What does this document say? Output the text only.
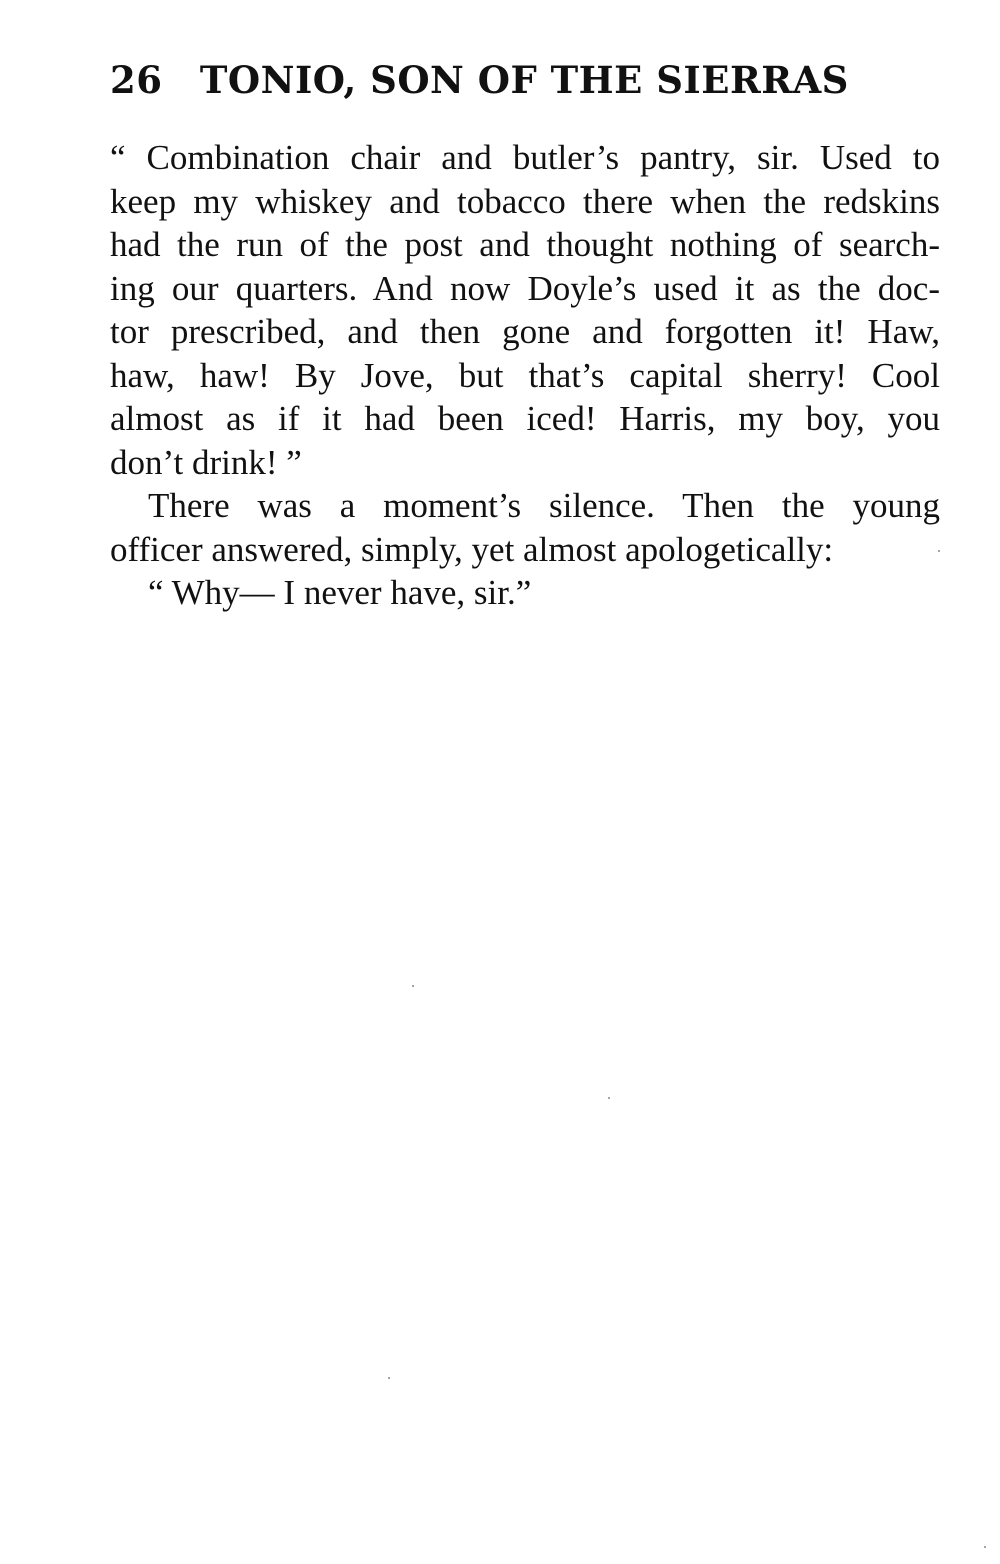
26 TONIO, SON OF THE SIERRAS
“ Combination chair and butler’s pantry, sir. Used to
keep my whiskey and tobacco there when the redskins
had the run of the post and thought nothing of search-
ing our quarters. And now Doyle’s used it as the doc-
tor prescribed, and then gone and forgotten it! Haw,
haw, haw! By Jove, but that’s capital sherry! Cool
almost as if it had been iced! Harris, my boy, you
don’t drink! ”
There was a moment’s silence. Then the young
officer answered, simply, yet almost apologetically:
“ Why— I never have, sir.”
